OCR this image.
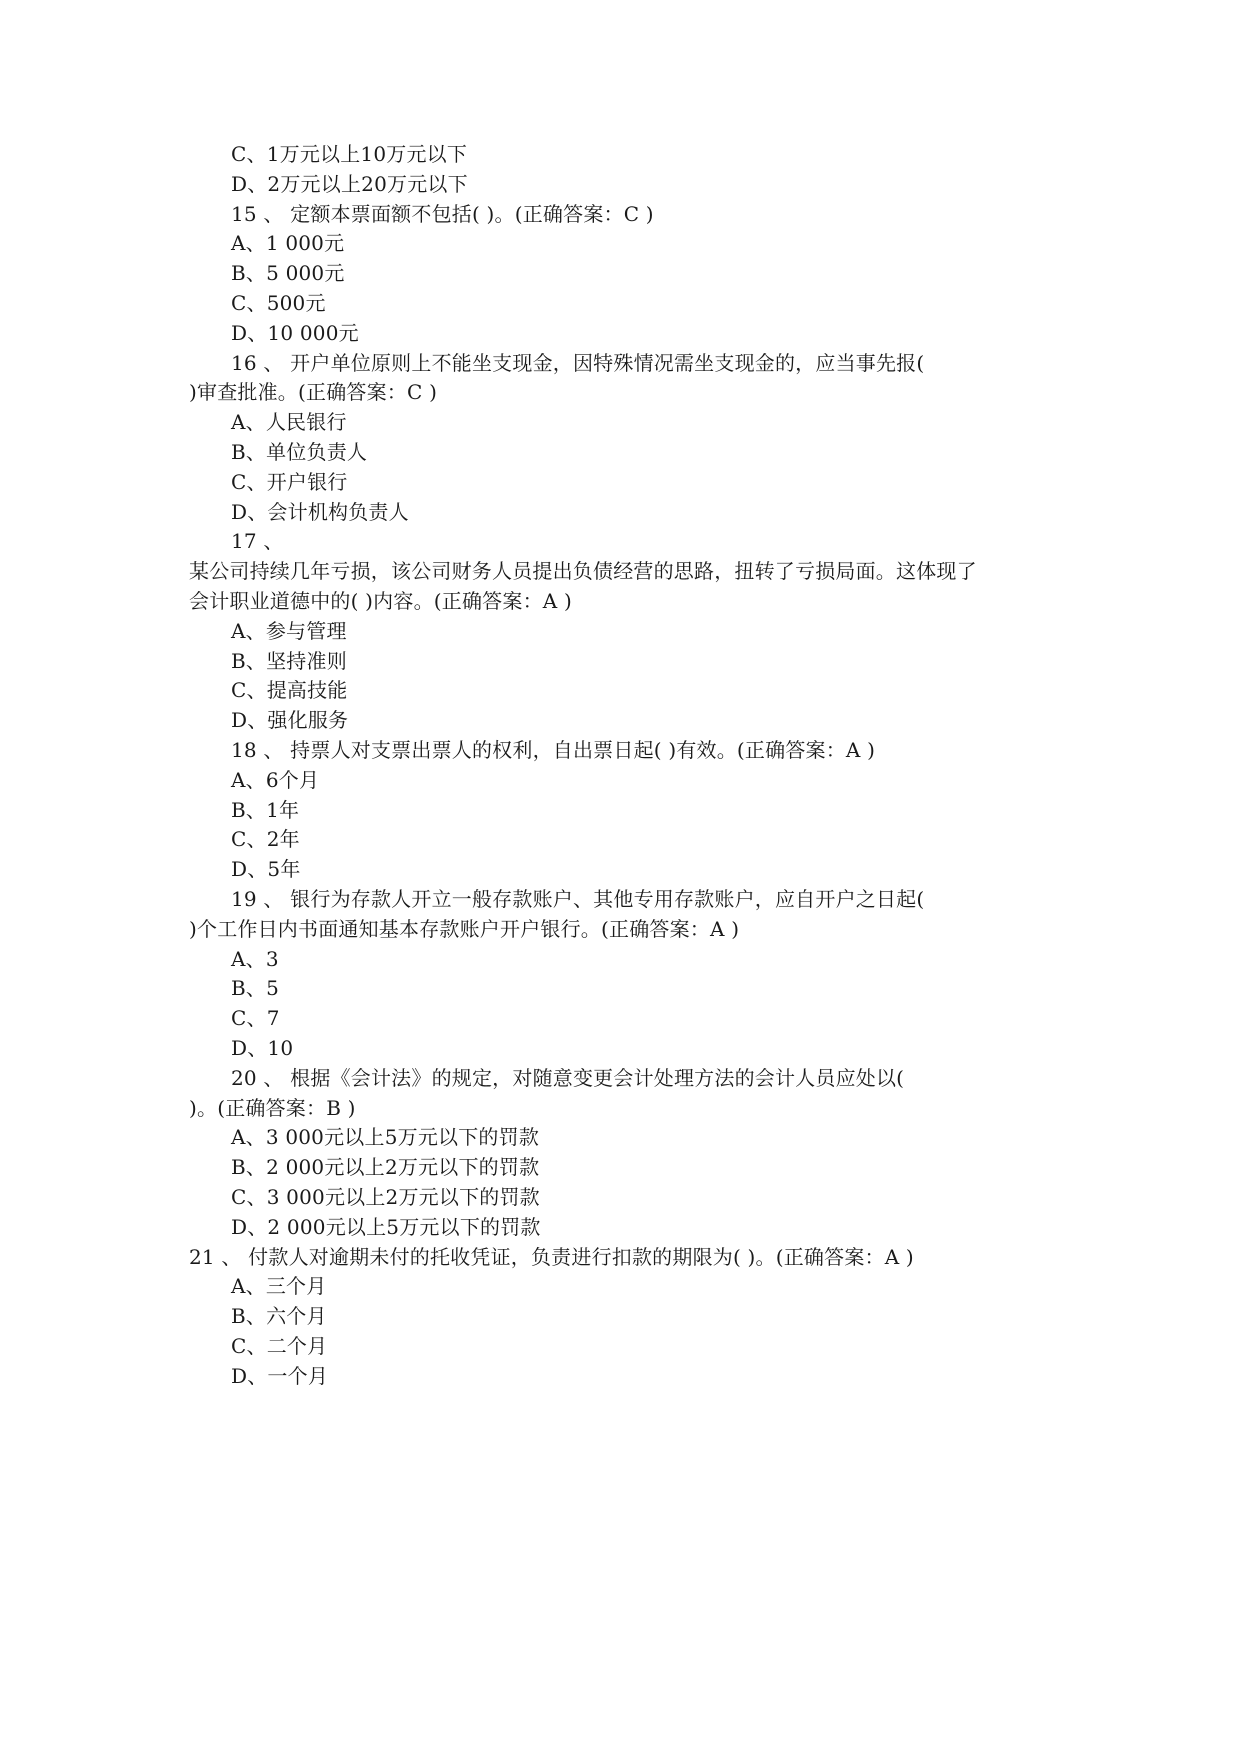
C、1万元以上10万元以下
D、2万元以上20万元以下
15 、 定额本票面额不包括( )。(正确答案：C )
A、1 000元
B、5 000元
C、500元
D、10 000元
16 、 开户单位原则上不能坐支现金，因特殊情况需坐支现金的，应当事先报(
)审查批准。(正确答案：C )
A、人民银行
B、单位负责人
C、开户银行
D、会计机构负责人
17 、
某公司持续几年亏损，该公司财务人员提出负债经营的思路，扭转了亏损局面。这体现了
会计职业道德中的( )内容。(正确答案：A )
A、参与管理
B、坚持准则
C、提高技能
D、强化服务
18 、 持票人对支票出票人的权利，自出票日起( )有效。(正确答案：A )
A、6个月
B、1年
C、2年
D、5年
19 、 银行为存款人开立一般存款账户、其他专用存款账户，应自开户之日起(
)个工作日内书面通知基本存款账户开户银行。(正确答案：A )
A、3
B、5
C、7
D、10
20 、 根据《会计法》的规定，对随意变更会计处理方法的会计人员应处以(
)。(正确答案：B )
A、3 000元以上5万元以下的罚款
B、2 000元以上2万元以下的罚款
C、3 000元以上2万元以下的罚款
D、2 000元以上5万元以下的罚款
21 、 付款人对逾期未付的托收凭证，负责进行扣款的期限为( )。(正确答案：A )
A、三个月
B、六个月
C、二个月
D、一个月
